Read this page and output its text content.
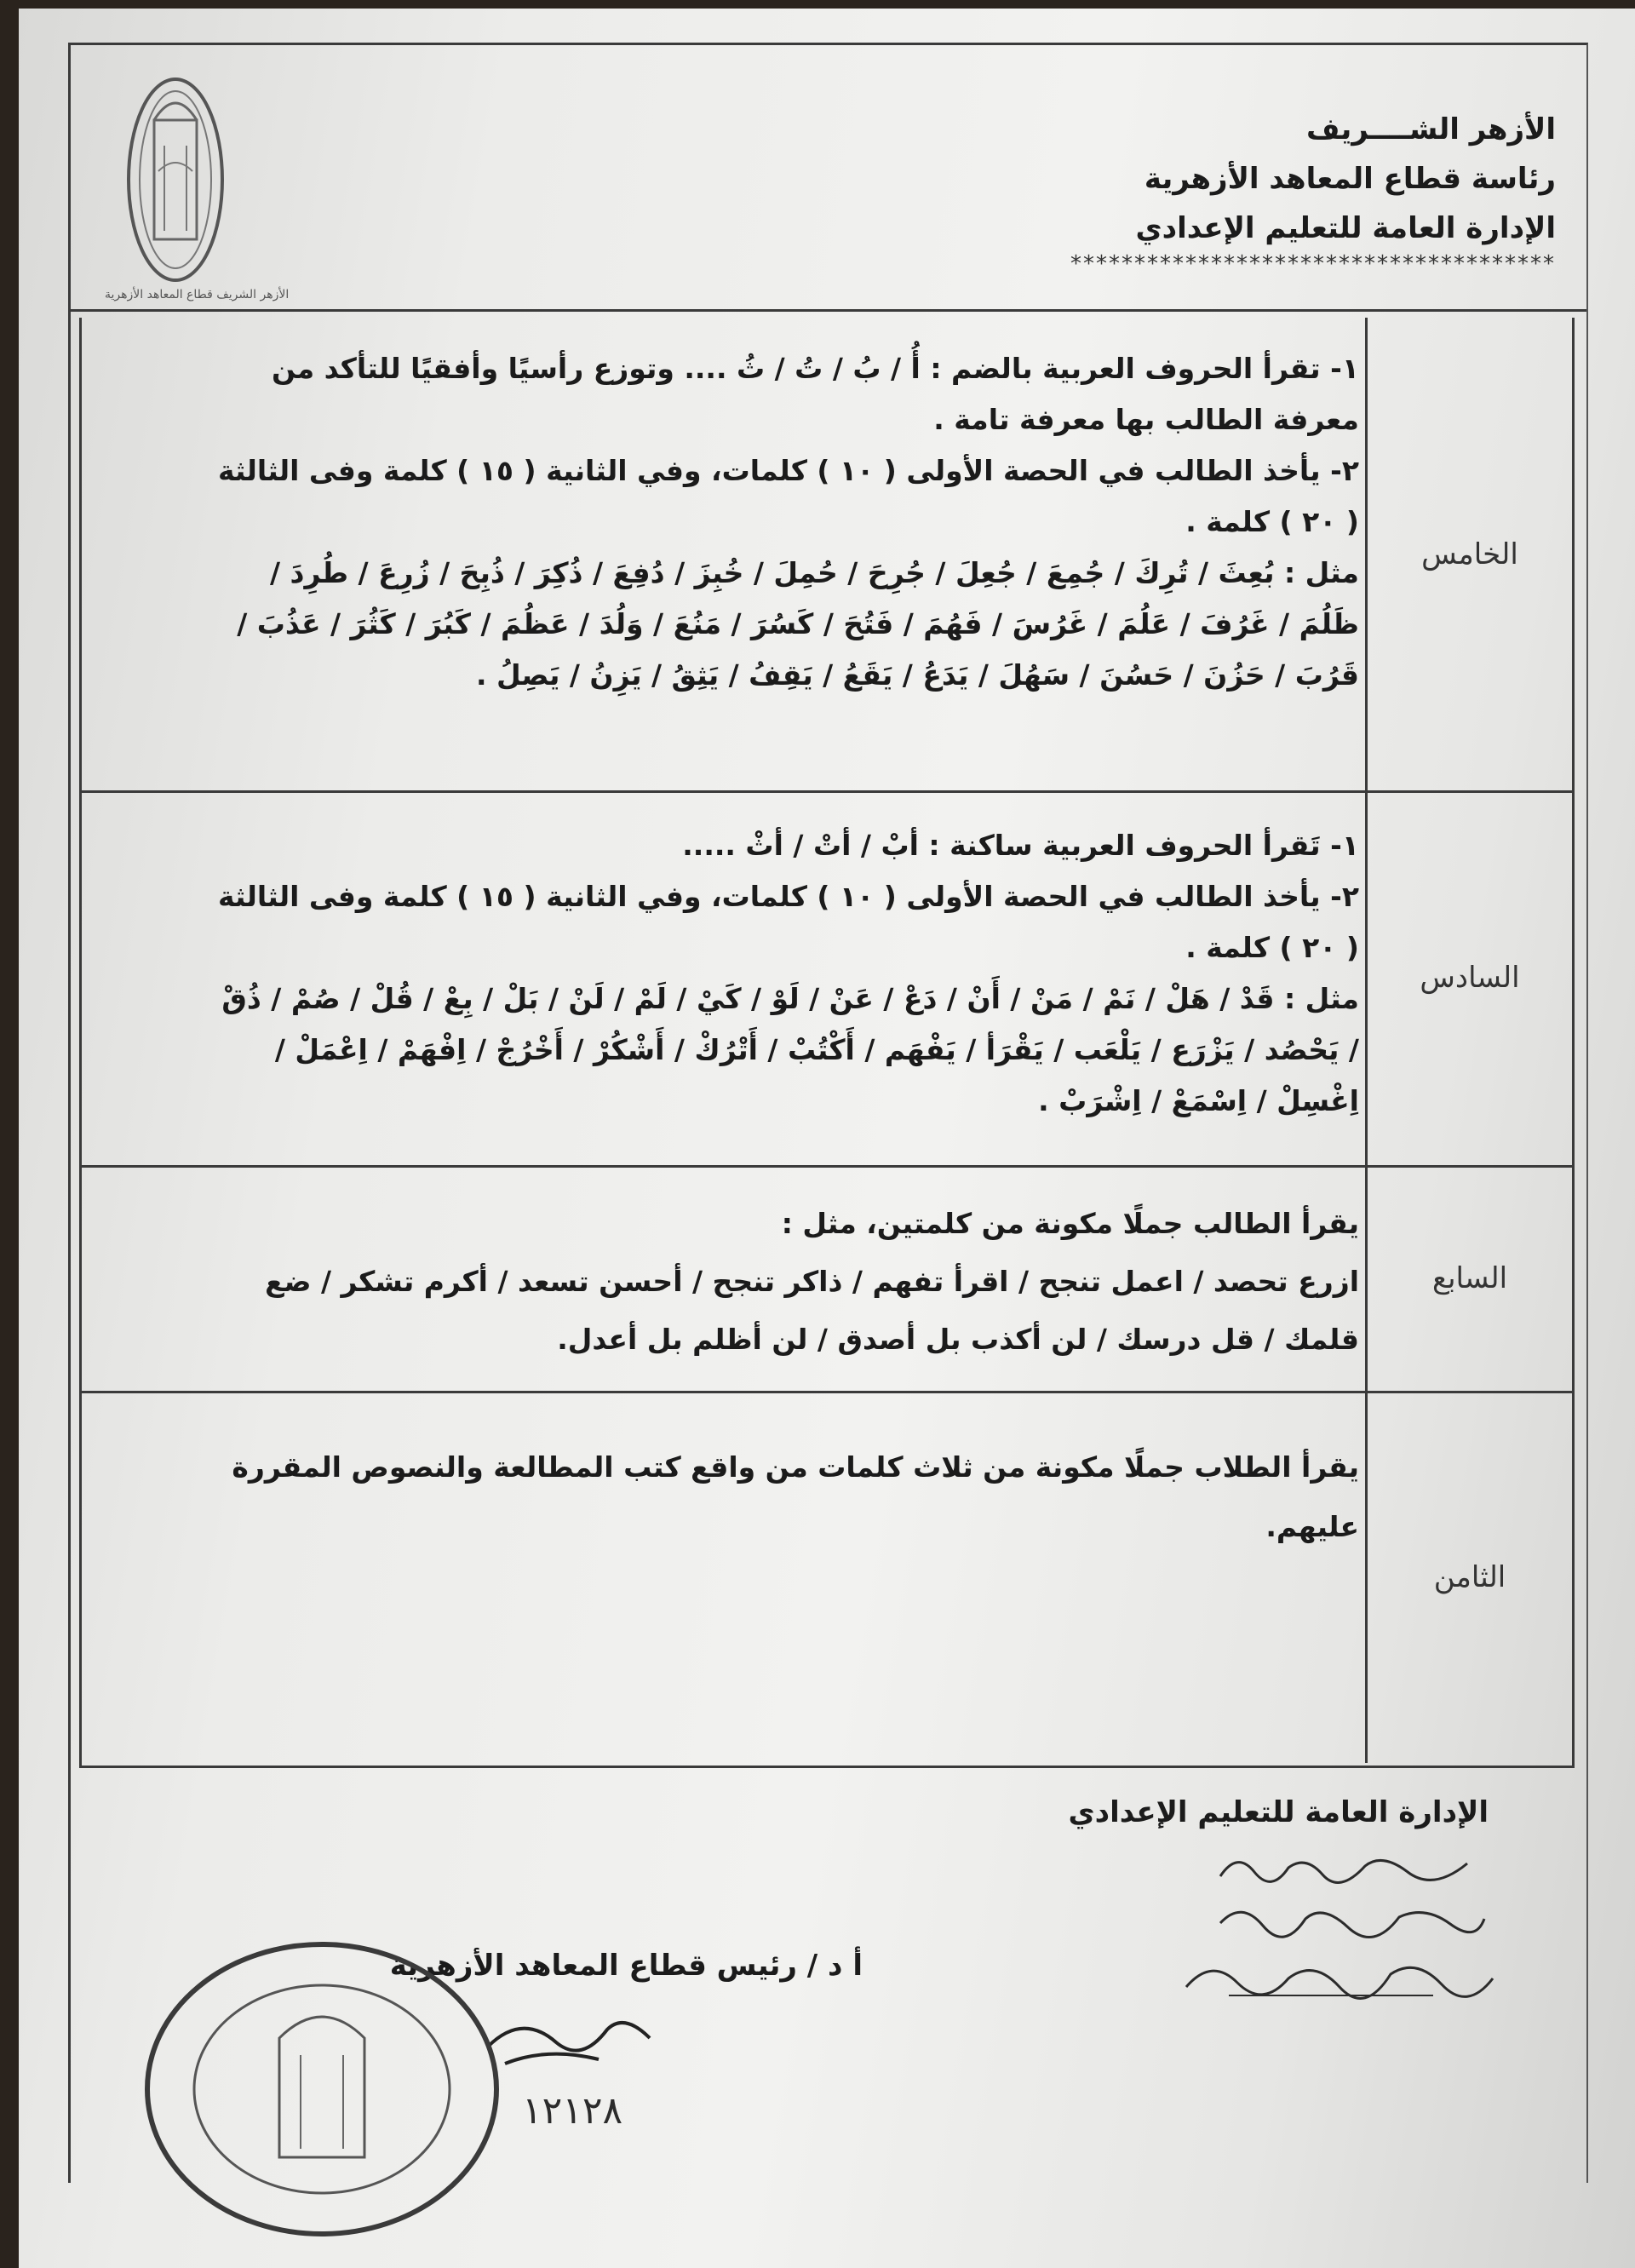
الأزهر الشريف قطاع المعاهد الأزهرية
الأزهر الشــــريف
رئاسة قطاع المعاهد الأزهرية
الإدارة العامة للتعليم الإعدادي
**************************************
الخامس
١- تقرأ الحروف العربية بالضم : أُ / بُ / تُ / ثُ .... وتوزع رأسيًا وأفقيًا للتأكد من
معرفة الطالب بها معرفة تامة .
٢- يأخذ الطالب في الحصة الأولى ( ١٠ ) كلمات، وفي الثانية ( ١٥ ) كلمة وفى الثالثة
( ٢٠ ) كلمة .
مثل : بُعِثَ / تُرِكَ / جُمِعَ / جُعِلَ / جُرِحَ / حُمِلَ / خُبِزَ / دُفِعَ / ذُكِرَ / ذُبِحَ / زُرِعَ / طُرِدَ /
ظَلُمَ / غَرُفَ / عَلُمَ / غَرُسَ / فَهُمَ / فَتُحَ / كَسُرَ / مَنُعَ / وَلُدَ / عَظُمَ / كَبُرَ / كَثُرَ / عَذُبَ /
قَرُبَ / حَزُنَ / حَسُنَ / سَهُلَ / يَدَعُ / يَقَعُ / يَقِفُ / يَثِقُ / يَزِنُ / يَصِلُ .
السادس
١- تَقرأ الحروف العربية ساكنة : أبْ / أتْ / أثْ .....
٢- يأخذ الطالب في الحصة الأولى ( ١٠ ) كلمات، وفي الثانية ( ١٥ ) كلمة وفى الثالثة
( ٢٠ ) كلمة .
مثل : قَدْ / هَلْ / نَمْ / مَنْ / أَنْ / دَعْ / عَنْ / لَوْ / كَيْ / لَمْ / لَنْ / بَلْ / بِعْ / قُلْ / صُمْ / ذُقْ
/ يَحْصُد / يَزْرَع / يَلْعَب / يَقْرَأ / يَفْهَم / أَكْتُبْ / أَتْرُكْ / أَشْكُرْ / أَخْرُجْ / اِفْهَمْ / اِعْمَلْ /
اِغْسِلْ / اِسْمَعْ / اِشْرَبْ .
السابع
يقرأ الطالب جملًا مكونة من كلمتين، مثل :
ازرع تحصد / اعمل تنجح / اقرأ تفهم / ذاكر تنجح / أحسن تسعد / أكرم تشكر / ضع
قلمك / قل درسك / لن أكذب بل أصدق / لن أظلم بل أعدل.
الثامن
يقرأ الطلاب جملًا مكونة من ثلاث كلمات من واقع كتب المطالعة والنصوص المقررة
عليهم.
الإدارة العامة للتعليم الإعدادي
أ د / رئيس قطاع المعاهد الأزهرية
١٢١٢٨
